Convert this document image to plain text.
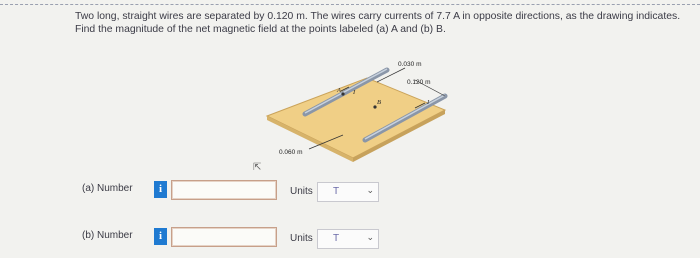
Two long, straight wires are separated by 0.120 m. The wires carry currents of 7.7 A in opposite directions, as the drawing indicates.

Find the magnitude of the net magnetic field at the points labeled (a) A and (b) B.

0.030 m
0.120 m
0.060 m
A
B
I
I
⇱
(a) Number	i	Units T	⌄
(b) Number	i	Units T	⌄
